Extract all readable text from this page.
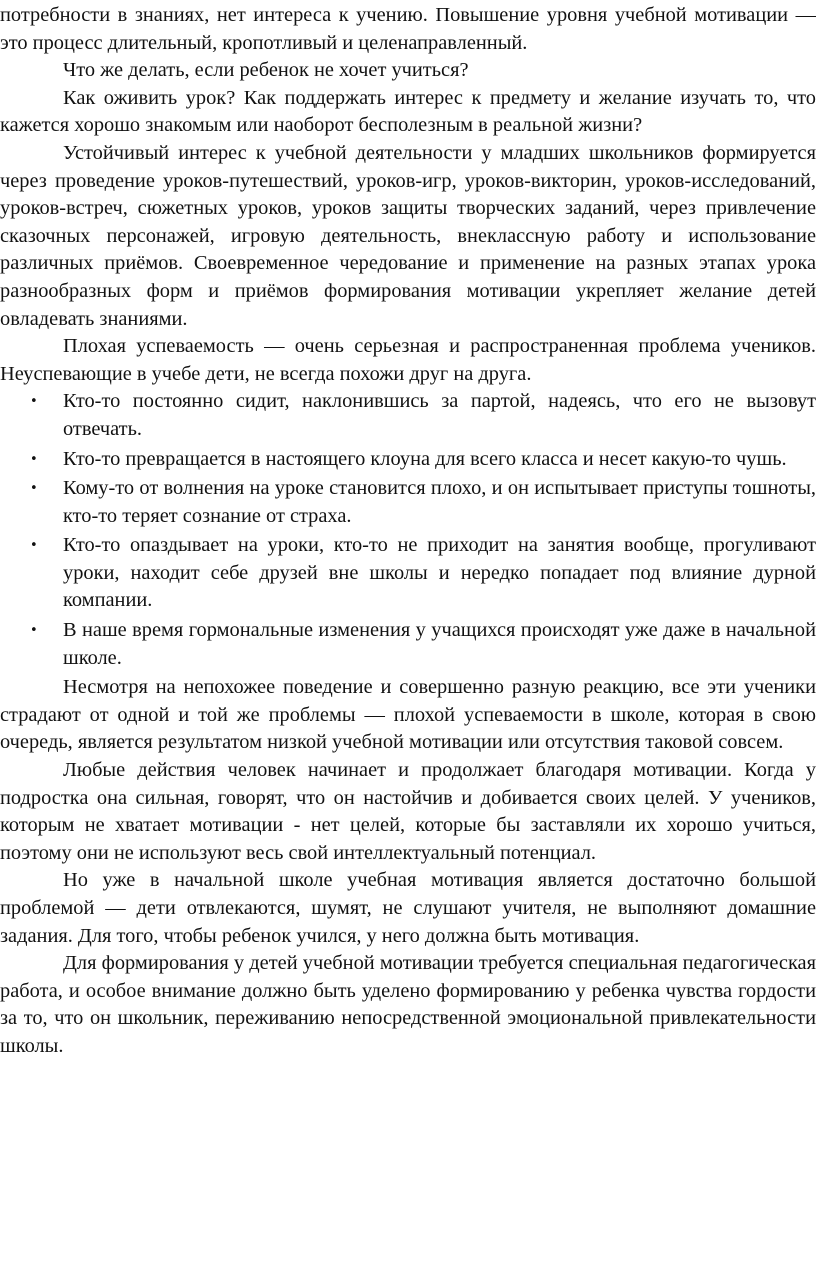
потребности в знаниях, нет интереса к учению. Повышение уровня учебной мотивации — это процесс длительный, кропотливый и целенаправленный.

Что же делать, если ребенок не хочет учиться?

Как оживить урок? Как поддержать интерес к предмету и желание изучать то, что кажется хорошо знакомым или наоборот бесполезным в реальной жизни?

Устойчивый интерес к учебной деятельности у младших школьников формируется через проведение уроков-путешествий, уроков-игр, уроков-викторин, уроков-исследований, уроков-встреч, сюжетных уроков, уроков защиты творческих заданий, через привлечение сказочных персонажей, игровую деятельность, внеклассную работу и использование различных приёмов. Своевременное чередование и применение на разных этапах урока разнообразных форм и приёмов формирования мотивации укрепляет желание детей овладевать знаниями.

Плохая успеваемость — очень серьезная и распространенная проблема учеников. Неуспевающие в учебе дети, не всегда похожи друг на друга.

• Кто-то постоянно сидит, наклонившись за партой, надеясь, что его не вызовут отвечать.
• Кто-то превращается в настоящего клоуна для всего класса и несет какую-то чушь.
• Кому-то от волнения на уроке становится плохо, и он испытывает приступы тошноты, кто-то теряет сознание от страха.
• Кто-то опаздывает на уроки, кто-то не приходит на занятия вообще, прогуливают уроки, находит себе друзей вне школы и нередко попадает под влияние дурной компании.
• В наше время гормональные изменения у учащихся происходят уже даже в начальной школе.

Несмотря на непохожее поведение и совершенно разную реакцию, все эти ученики страдают от одной и той же проблемы — плохой успеваемости в школе, которая в свою очередь, является результатом низкой учебной мотивации или отсутствия таковой совсем.

Любые действия человек начинает и продолжает благодаря мотивации. Когда у подростка она сильная, говорят, что он настойчив и добивается своих целей. У учеников, которым не хватает мотивации - нет целей, которые бы заставляли их хорошо учиться, поэтому они не используют весь свой интеллектуальный потенциал.

Но уже в начальной школе учебная мотивация является достаточно большой проблемой — дети отвлекаются, шумят, не слушают учителя, не выполняют домашние задания. Для того, чтобы ребенок учился, у него должна быть мотивация.

Для формирования у детей учебной мотивации требуется специальная педагогическая работа, и особое внимание должно быть уделено формированию у ребенка чувства гордости за то, что он школьник, переживанию непосредственной эмоциональной привлекательности школы.
